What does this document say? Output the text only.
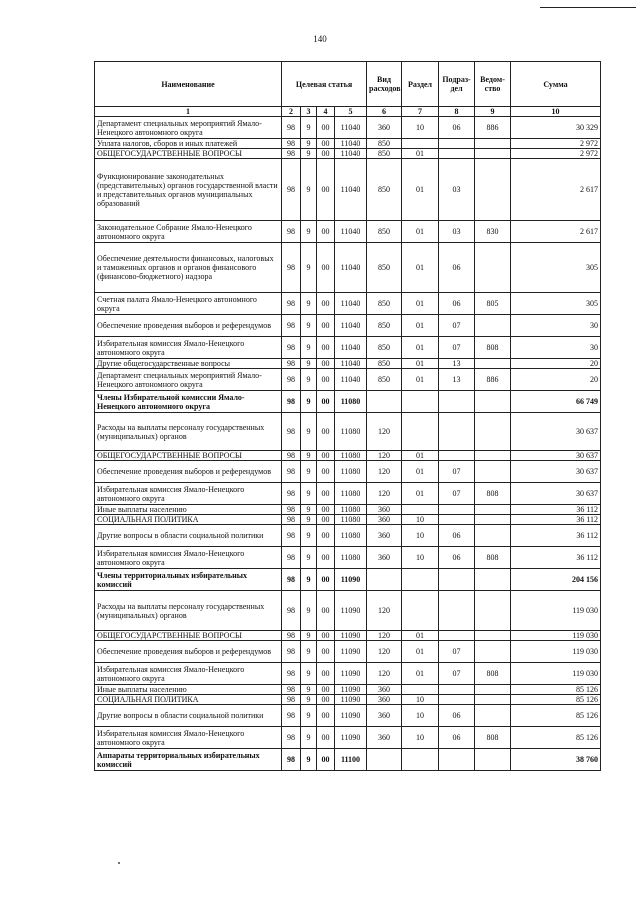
140
Наименование	Целевая статья				Вид расходов	Раздел	Подраз-дел	Ведом-ство	Сумма
1	2	3	4	5	6	7	8	9	10
Департамент специальных мероприятий Ямало-Ненецкого автономного округа	98	9	00	11040	360	10	06	886	30 329
Уплата налогов, сборов и иных платежей	98	9	00	11040	850				2 972
ОБЩЕГОСУДАРСТВЕННЫЕ ВОПРОСЫ	98	9	00	11040	850	01			2 972
Функционирование законодательных (представительных) органов государственной власти и представительных органов муниципальных образований	98	9	00	11040	850	01	03		2 617
Законодательное Собрание Ямало-Ненецкого автономного округа	98	9	00	11040	850	01	03	830	2 617
Обеспечение деятельности финансовых, налоговых и таможенных органов и органов финансового (финансово-бюджетного) надзора	98	9	00	11040	850	01	06		305
Счетная палата Ямало-Ненецкого автономного округа	98	9	00	11040	850	01	06	805	305
Обеспечение проведения выборов и референдумов	98	9	00	11040	850	01	07		30
Избирательная комиссия Ямало-Ненецкого автономного округа	98	9	00	11040	850	01	07	808	30
Другие общегосударственные вопросы	98	9	00	11040	850	01	13		20
Департамент специальных мероприятий Ямало-Ненецкого автономного округа	98	9	00	11040	850	01	13	886	20
Члены Избирательной комиссии Ямало-Ненецкого автономного округа	98	9	00	11080					66 749
Расходы на выплаты персоналу государственных (муниципальных) органов	98	9	00	11080	120				30 637
ОБЩЕГОСУДАРСТВЕННЫЕ ВОПРОСЫ	98	9	00	11080	120	01			30 637
Обеспечение проведения выборов и референдумов	98	9	00	11080	120	01	07		30 637
Избирательная комиссия Ямало-Ненецкого автономного округа	98	9	00	11080	120	01	07	808	30 637
Иные выплаты населению	98	9	00	11080	360				36 112
СОЦИАЛЬНАЯ ПОЛИТИКА	98	9	00	11080	360	10			36 112
Другие вопросы в области социальной политики	98	9	00	11080	360	10	06		36 112
Избирательная комиссия Ямало-Ненецкого автономного округа	98	9	00	11080	360	10	06	808	36 112
Члены территориальных избирательных комиссий	98	9	00	11090					204 156
Расходы на выплаты персоналу государственных (муниципальных) органов	98	9	00	11090	120				119 030
ОБЩЕГОСУДАРСТВЕННЫЕ ВОПРОСЫ	98	9	00	11090	120	01			119 030
Обеспечение проведения выборов и референдумов	98	9	00	11090	120	01	07		119 030
Избирательная комиссия Ямало-Ненецкого автономного округа	98	9	00	11090	120	01	07	808	119 030
Иные выплаты населению	98	9	00	11090	360				85 126
СОЦИАЛЬНАЯ ПОЛИТИКА	98	9	00	11090	360	10			85 126
Другие вопросы в области социальной политики	98	9	00	11090	360	10	06		85 126
Избирательная комиссия Ямало-Ненецкого автономного округа	98	9	00	11090	360	10	06	808	85 126
Аппараты территориальных избирательных комиссий	98	9	00	11100					38 760
